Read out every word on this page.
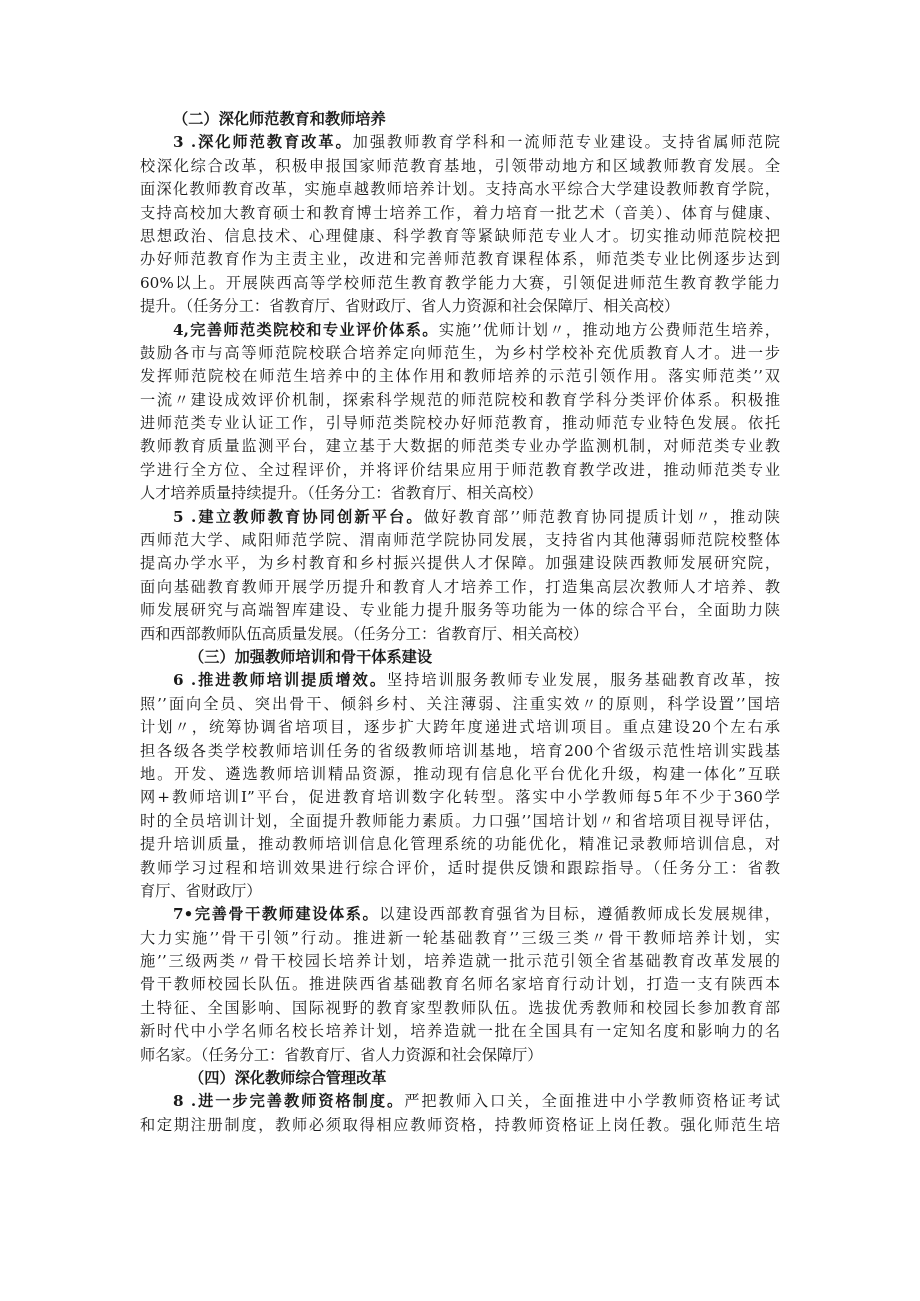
（二）深化师范教育和教师培养
3 .深化师范教育改革。加强教师教育学科和一流师范专业建设。支持省属师范院
校深化综合改革，积极申报国家师范教育基地，引领带动地方和区域教师教育发展。全
面深化教师教育改革，实施卓越教师培养计划。支持高水平综合大学建设教师教育学院，
支持高校加大教育硕士和教育博士培养工作，着力培育一批艺术（音美）、体育与健康、
思想政治、信息技术、心理健康、科学教育等紧缺师范专业人才。切实推动师范院校把
办好师范教育作为主责主业，改进和完善师范教育课程体系，师范类专业比例逐步达到
60%以上。开展陕西高等学校师范生教育教学能力大赛，引领促进师范生教育教学能力
提升。（任务分工：省教育厅、省财政厅、省人力资源和社会保障厅、相关高校）
4,完善师范类院校和专业评价体系。实施’’优师计划〃，推动地方公费师范生培养，
鼓励各市与高等师范院校联合培养定向师范生，为乡村学校补充优质教育人才。进一步
发挥师范院校在师范生培养中的主体作用和教师培养的示范引领作用。落实师范类’’双
一流〃建设成效评价机制，探索科学规范的师范院校和教育学科分类评价体系。积极推
进师范类专业认证工作，引导师范类院校办好师范教育，推动师范专业特色发展。依托
教师教育质量监测平台，建立基于大数据的师范类专业办学监测机制，对师范类专业教
学进行全方位、全过程评价，并将评价结果应用于师范教育教学改进，推动师范类专业
人才培养质量持续提升。（任务分工：省教育厅、相关高校）
5 .建立教师教育协同创新平台。做好教育部’’师范教育协同提质计划〃，推动陕
西师范大学、咸阳师范学院、渭南师范学院协同发展，支持省内其他薄弱师范院校整体
提高办学水平，为乡村教育和乡村振兴提供人才保障。加强建设陕西教师发展研究院，
面向基础教育教师开展学历提升和教育人才培养工作，打造集高层次教师人才培养、教
师发展研究与高端智库建设、专业能力提升服务等功能为一体的综合平台，全面助力陕
西和西部教师队伍高质量发展。（任务分工：省教育厅、相关高校）
（三）加强教师培训和骨干体系建设
6 .推进教师培训提质增效。坚持培训服务教师专业发展，服务基础教育改革，按
照’’面向全员、突出骨干、倾斜乡村、关注薄弱、注重实效〃的原则，科学设置’’国培
计划〃，统筹协调省培项目，逐步扩大跨年度递进式培训项目。重点建设20个左右承
担各级各类学校教师培训任务的省级教师培训基地，培育200个省级示范性培训实践基
地。开发、遴选教师培训精品资源，推动现有信息化平台优化升级，构建一体化”互联
网+教师培训I”平台，促进教育培训数字化转型。落实中小学教师每5年不少于360学
时的全员培训计划，全面提升教师能力素质。力口强’’国培计划〃和省培项目视导评估，
提升培训质量，推动教师培训信息化管理系统的功能优化，精准记录教师培训信息，对
教师学习过程和培训效果进行综合评价，适时提供反馈和跟踪指导。（任务分工：省教
育厅、省财政厅）
7•完善骨干教师建设体系。以建设西部教育强省为目标，遵循教师成长发展规律，
大力实施’’骨干引领”行动。推进新一轮基础教育’’三级三类〃骨干教师培养计划，实
施’’三级两类〃骨干校园长培养计划，培养造就一批示范引领全省基础教育改革发展的
骨干教师校园长队伍。推进陕西省基础教育名师名家培育行动计划，打造一支有陕西本
土特征、全国影响、国际视野的教育家型教师队伍。选拔优秀教师和校园长参加教育部
新时代中小学名师名校长培养计划，培养造就一批在全国具有一定知名度和影响力的名
师名家。（任务分工：省教育厅、省人力资源和社会保障厅）
（四）深化教师综合管理改革
8 .进一步完善教师资格制度。严把教师入口关，全面推进中小学教师资格证考试
和定期注册制度，教师必须取得相应教师资格，持教师资格证上岗任教。强化师范生培
